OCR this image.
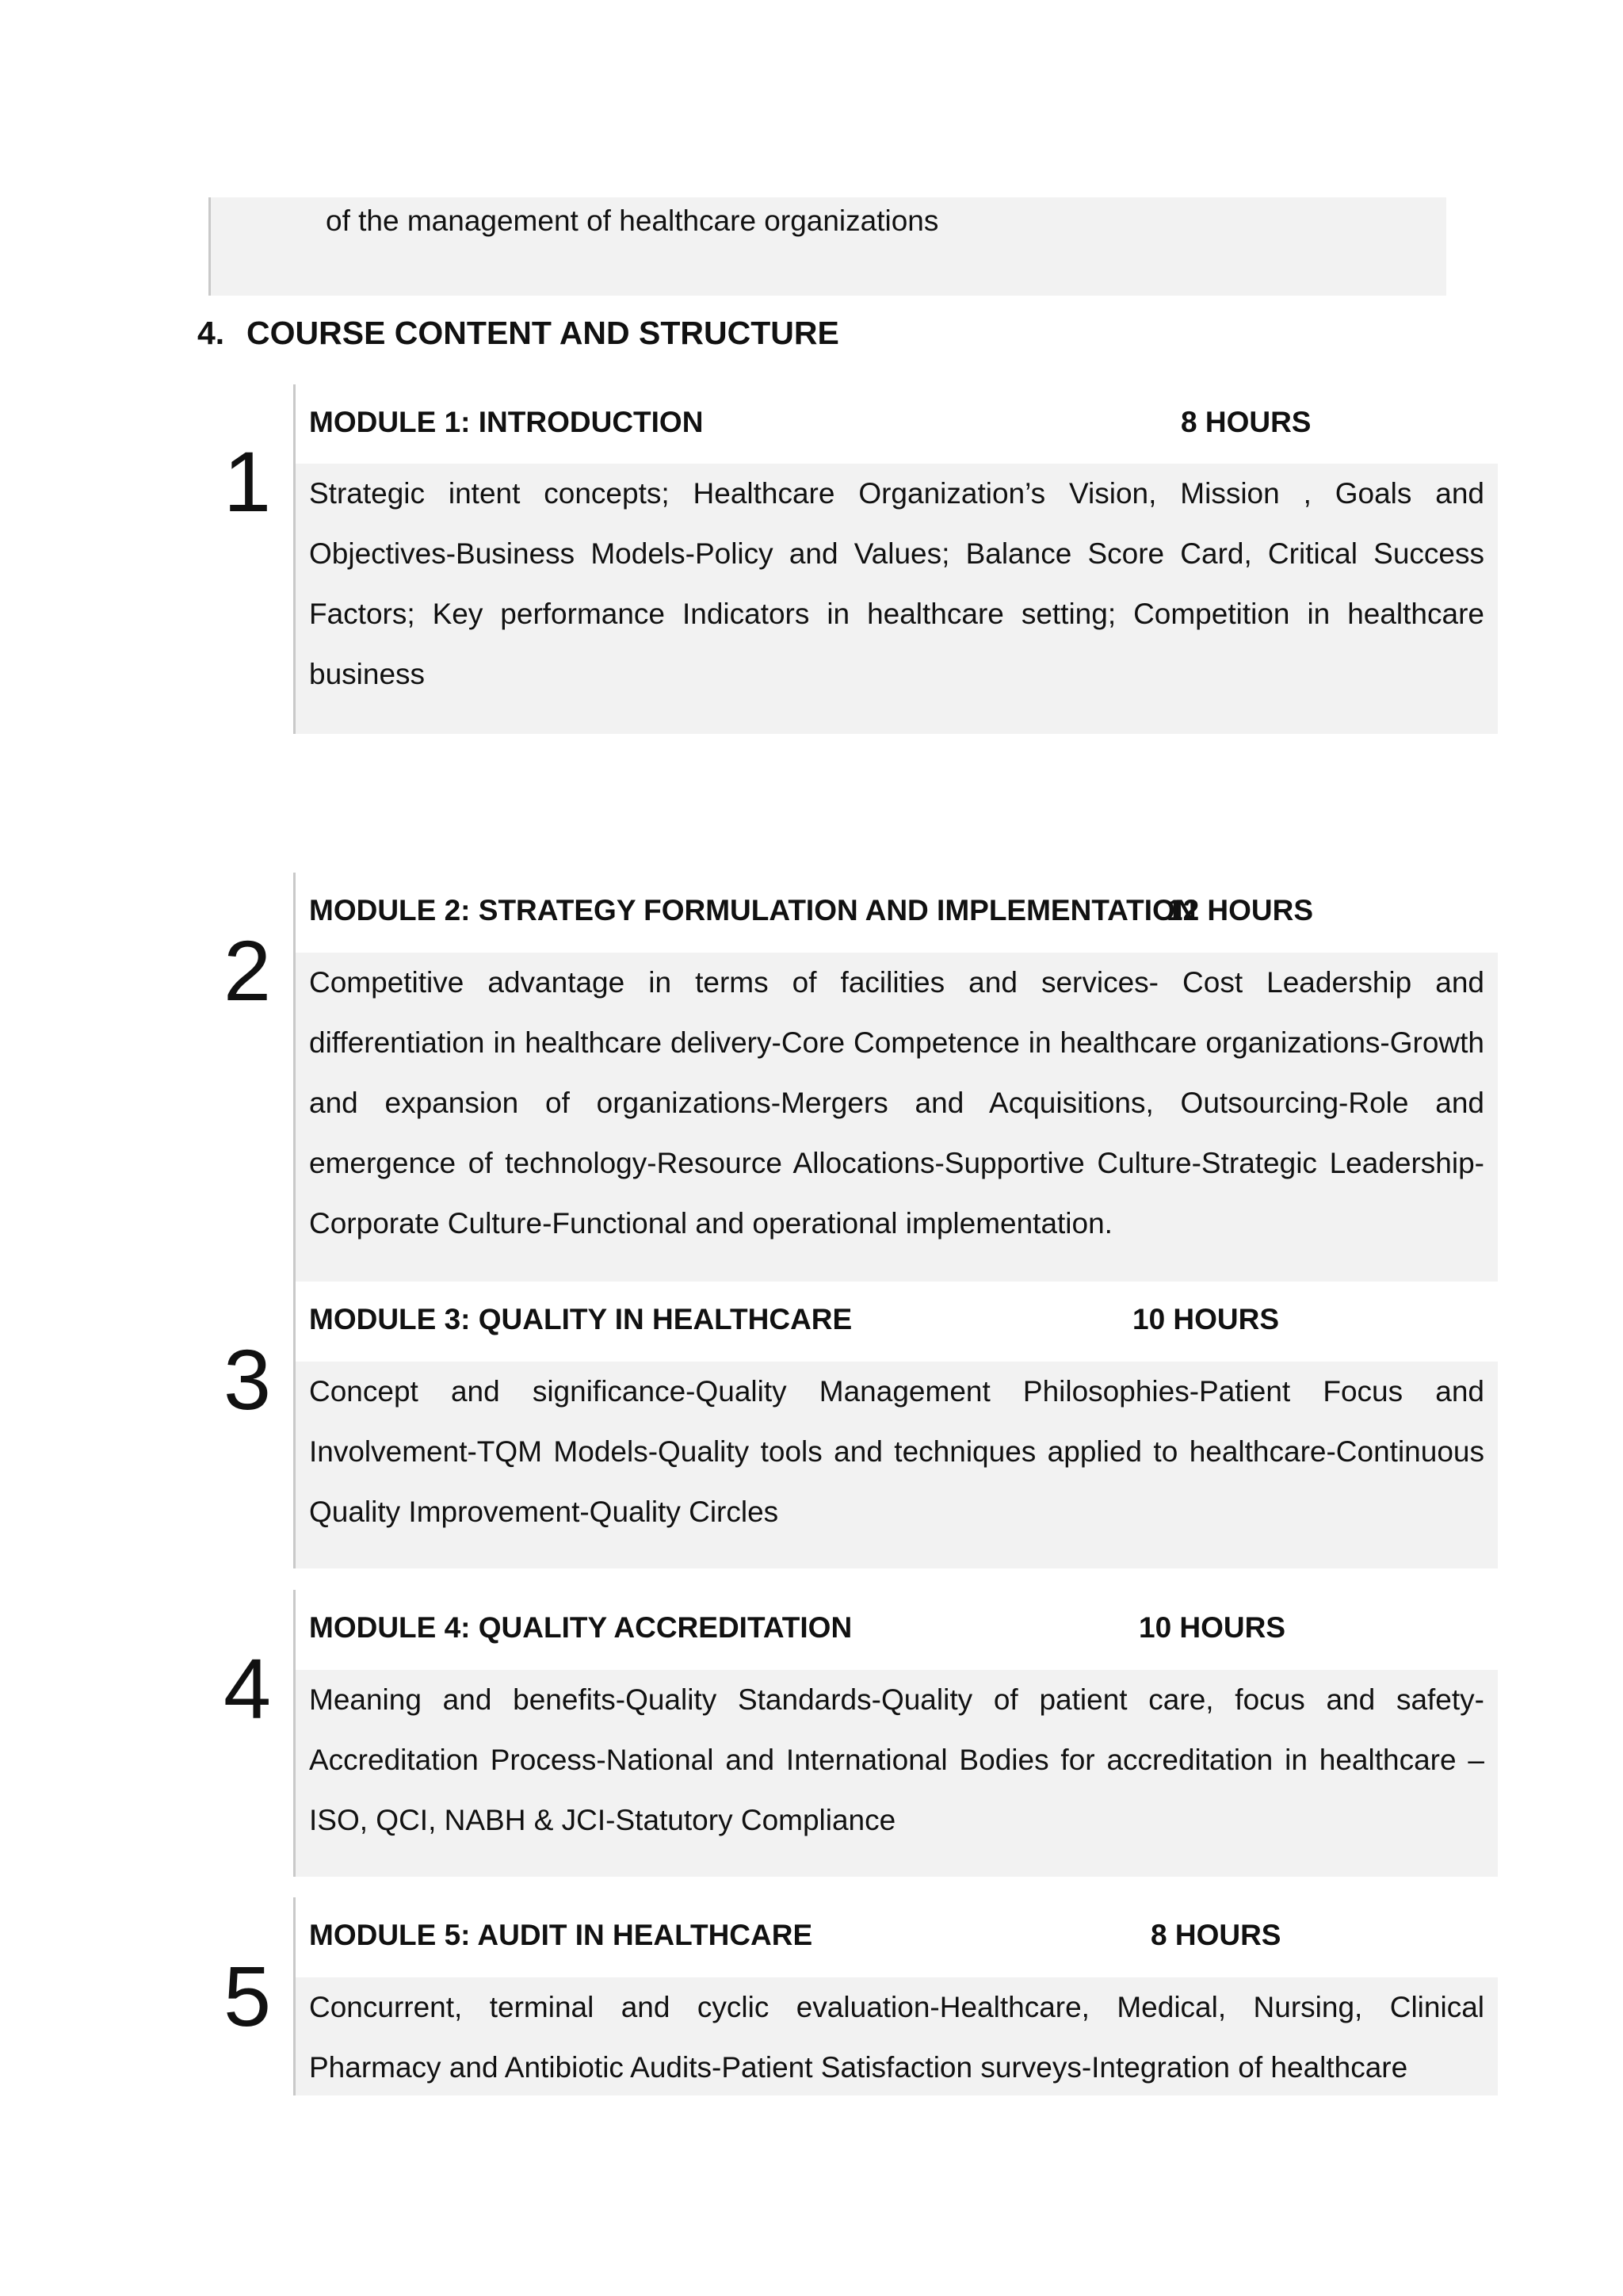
of the management of healthcare organizations
4. COURSE CONTENT AND STRUCTURE
1
MODULE 1: INTRODUCTION	8 HOURS

Strategic intent concepts; Healthcare Organization’s Vision, Mission , Goals and Objectives-Business Models-Policy and Values; Balance Score Card, Critical Success Factors; Key performance Indicators in healthcare setting; Competition in healthcare business

2
MODULE 2: STRATEGY FORMULATION AND IMPLEMENTATION
12 HOURS

Competitive advantage in terms of facilities and services- Cost Leadership and differentiation in healthcare delivery-Core Competence in healthcare organizations-Growth and expansion of organizations-Mergers and Acquisitions, Outsourcing-Role and emergence of technology-Resource Allocations-Supportive Culture-Strategic Leadership-Corporate Culture-Functional and operational implementation.

3
MODULE 3: QUALITY IN HEALTHCARE	10 HOURS

Concept and significance-Quality Management Philosophies-Patient Focus and Involvement-TQM Models-Quality tools and techniques applied to healthcare-Continuous Quality Improvement-Quality Circles

4
MODULE 4: QUALITY ACCREDITATION	10 HOURS

Meaning and benefits-Quality Standards-Quality of patient care, focus and safety-Accreditation Process-National and International Bodies for accreditation in healthcare – ISO, QCI, NABH & JCI-Statutory Compliance

5
MODULE 5: AUDIT IN HEALTHCARE	8 HOURS

Concurrent, terminal and cyclic evaluation-Healthcare, Medical, Nursing, Clinical Pharmacy and Antibiotic Audits-Patient Satisfaction surveys-Integration of healthcare
